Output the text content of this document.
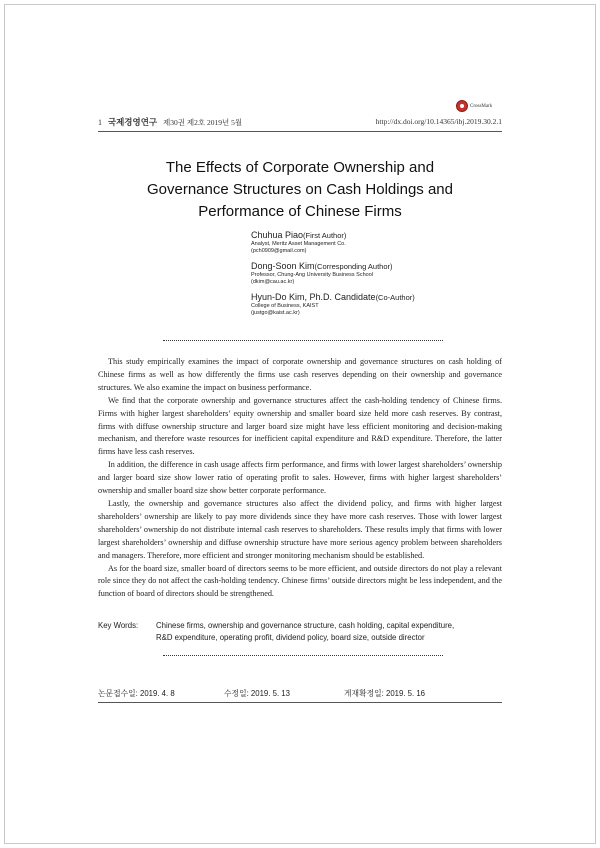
CrossMark
1 국제경영연구 제30권 제2호 2019년 5월	http://dx.doi.org/10.14365/ibj.2019.30.2.1
The Effects of Corporate Ownership and
Governance Structures on Cash Holdings and
Performance of Chinese Firms
Chuhua Piao(First Author)
Analyst, Meritz Asset Management Co.
(pch0909@gmail.com)
Dong-Soon Kim(Corresponding Author)
Professor, Chung-Ang University Business School
(dkim@cau.ac.kr)
Hyun-Do Kim, Ph.D. Candidate(Co-Author)
College of Business, KAIST
(justgo@kaist.ac.kr)

This study empirically examines the impact of corporate ownership and governance structures on cash holding of Chinese firms as well as how differently the firms use cash reserves depending on their ownership and governance structures. We also examine the impact on business performance.

We find that the corporate ownership and governance structures affect the cash-holding tendency of Chinese firms. Firms with higher largest shareholders’ equity ownership and smaller board size held more cash reserves. By contrast, firms with diffuse ownership structure and larger board size might have less efficient monitoring and decision-making mechanism, and therefore waste resources for inefficient capital expenditure and R&D expenditure. Therefore, the latter firms have less cash reserves.

In addition, the difference in cash usage affects firm performance, and firms with lower largest shareholders’ ownership and larger board size show lower ratio of operating profit to sales. However, firms with higher largest shareholders’ ownership and smaller board size show better corporate performance.

Lastly, the ownership and governance structures also affect the dividend policy, and firms with higher largest shareholders’ ownership are likely to pay more dividends since they have more cash reserves. Those with lower largest shareholders’ ownership do not distribute internal cash reserves to shareholders. These results imply that firms with lower largest shareholders’ ownership and diffuse ownership structure have more serious agency problem between shareholders and managers. Therefore, more efficient and stronger monitoring mechanism should be established.

As for the board size, smaller board of directors seems to be more efficient, and outside directors do not play a relevant role since they do not affect the cash-holding tendency. Chinese firms’ outside directors might be less independent, and the function of board of directors should be strengthened.

Key Words: Chinese firms, ownership and governance structure, cash holding, capital expenditure,
R&D expenditure, operating profit, dividend policy, board size, outside director
논문접수일: 2019. 4. 8	수정일: 2019. 5. 13	게재확정일: 2019. 5. 16
